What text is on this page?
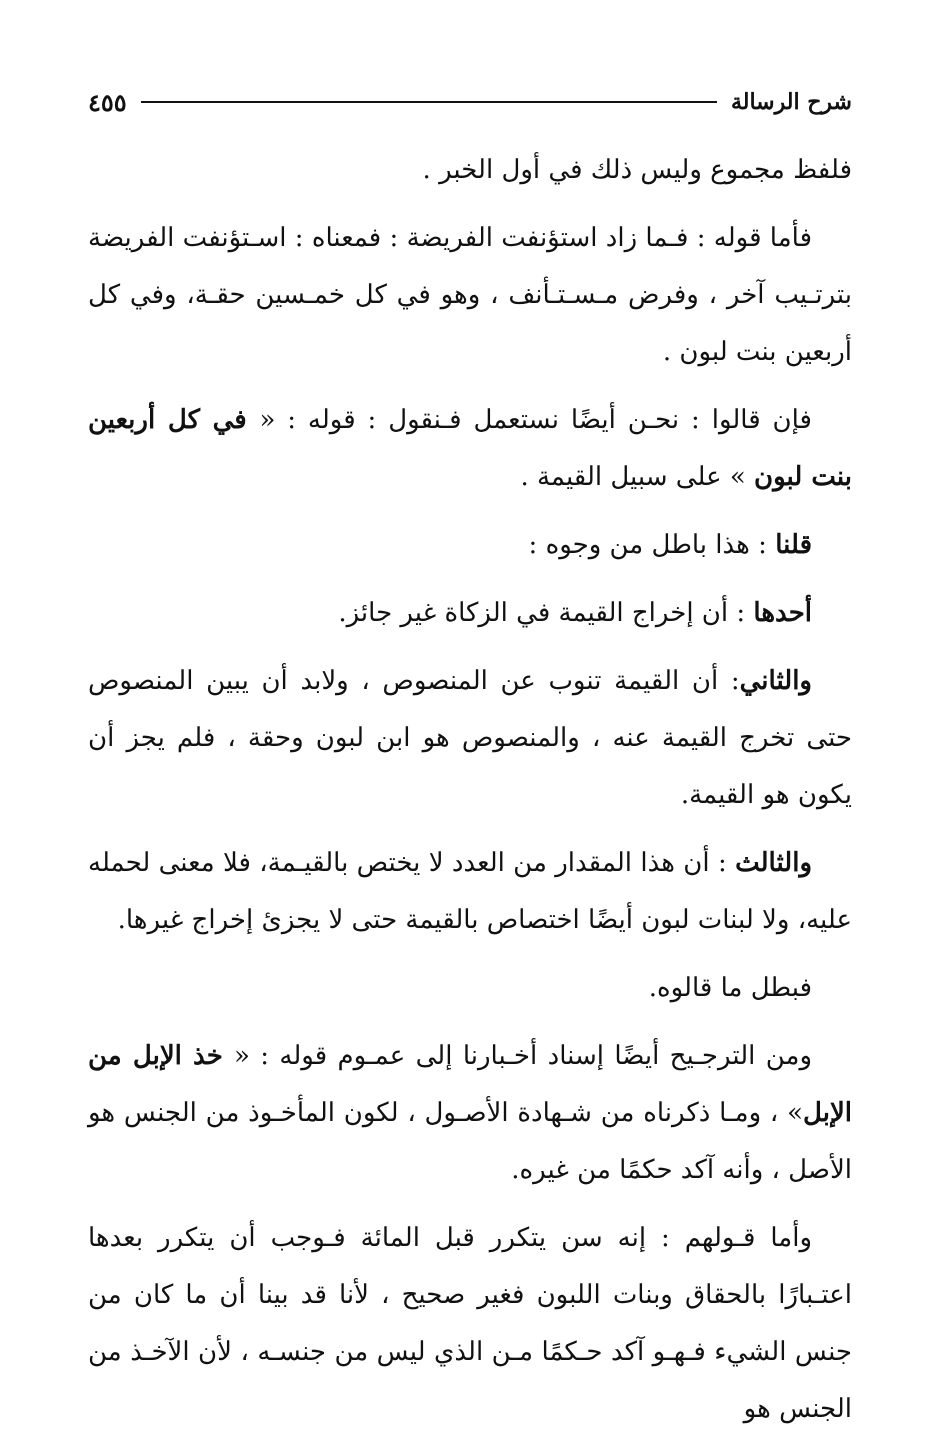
شرح الرسالة
٤٥٥

فلفظ مجموع وليس ذلك في أول الخبر .

فأما قوله : فـما زاد استؤنفت الفريضة : فمعناه : اسـتؤنفت الفريضة بترتـيب آخر ، وفرض مـسـتـأنف ، وهو في كل خمـسين حقـة، وفي كل أربعين بنت لبون .

فإن قالوا : نحـن أيضًا نستعمل فـنقول : قوله : « في كل أربعين بنت لبون » على سبيل القيمة .

قلنا : هذا باطل من وجوه :

أحدها : أن إخراج القيمة في الزكاة غير جائز.

والثاني: أن القيمة تنوب عن المنصوص ، ولابد أن يبين المنصوص حتى تخرج القيمة عنه ، والمنصوص هو ابن لبون وحقة ، فلم يجز أن يكون هو القيمة.

والثالث : أن هذا المقدار من العدد لا يختص بالقيـمة، فلا معنى لحمله عليه، ولا لبنات لبون أيضًا اختصاص بالقيمة حتى لا يجزئ إخراج غيرها.

فبطل ما قالوه.

ومن الترجـيح أيضًا إسناد أخـبارنا إلى عمـوم قوله : « خذ الإبل من الإبل» ، ومـا ذكرناه من شـهادة الأصـول ، لكون المأخـوذ من الجنس هو الأصل ، وأنه آكد حكمًا من غيره.

وأما قـولهم : إنه سن يتكرر قبل المائة فـوجب أن يتكرر بعدها اعتـبارًا بالحقاق وبنات اللبون فغير صحيح ، لأنا قد بينا أن ما كان من جنس الشيء فـهـو آكد حـكمًا مـن الذي ليس من جنسـه ، لأن الآخـذ من الجنس هو
